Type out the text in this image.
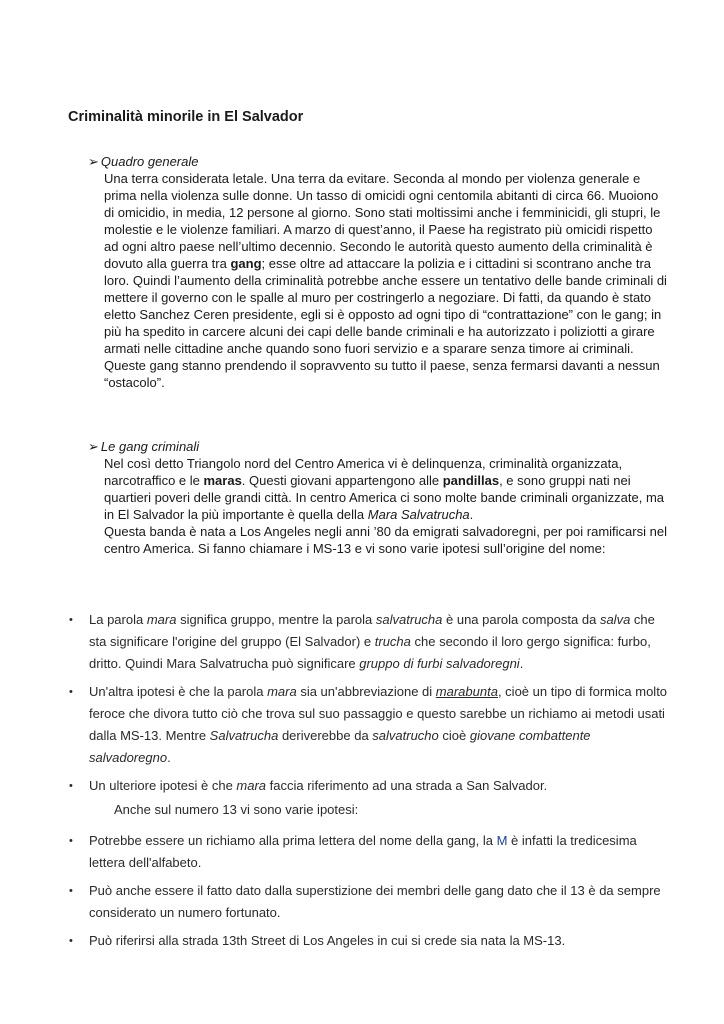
Criminalità minorile in El Salvador
➢ Quadro generale

Una terra considerata letale. Una terra da evitare. Seconda al mondo per violenza generale e prima nella violenza sulle donne. Un tasso di omicidi ogni centomila abitanti di circa 66. Muoiono di omicidio, in media, 12 persone al giorno. Sono stati moltissimi anche i femminicidi, gli stupri, le molestie e le violenze familiari. A marzo di quest’anno, il Paese ha registrato più omicidi rispetto ad ogni altro paese nell’ultimo decennio. Secondo le autorità questo aumento della criminalità è dovuto alla guerra tra gang; esse oltre ad attaccare la polizia e i cittadini si scontrano anche tra loro. Quindi l’aumento della criminalità potrebbe anche essere un tentativo delle bande criminali di mettere il governo con le spalle al muro per costringerlo a negoziare. Di fatti, da quando è stato eletto Sanchez Ceren presidente, egli si è opposto ad ogni tipo di “contrattazione” con le gang; in più ha spedito in carcere alcuni dei capi delle bande criminali e ha autorizzato i poliziotti a girare armati nelle cittadine anche quando sono fuori servizio e a sparare senza timore ai criminali.

Queste gang stanno prendendo il sopravvento su tutto il paese, senza fermarsi davanti a nessun “ostacolo”.

➢ Le gang criminali

Nel così detto Triangolo nord del Centro America vi è delinquenza, criminalità organizzata, narcotraffico e le maras. Questi giovani appartengono alle pandillas, e sono gruppi nati nei quartieri poveri delle grandi città. In centro America ci sono molte bande criminali organizzate, ma in El Salvador la più importante è quella della Mara Salvatrucha.

Questa banda è nata a Los Angeles negli anni ’80 da emigrati salvadoregni, per poi ramificarsi nel centro America. Si fanno chiamare i MS-13 e vi sono varie ipotesi sull’origine del nome:

• La parola mara significa gruppo, mentre la parola salvatrucha è una parola composta da salva che sta significare l'origine del gruppo (El Salvador) e trucha che secondo il loro gergo significa: furbo, dritto. Quindi Mara Salvatrucha può significare gruppo di furbi salvadoregni.
• Un'altra ipotesi è che la parola mara sia un'abbreviazione di marabunta, cioè un tipo di formica molto feroce che divora tutto ciò che trova sul suo passaggio e questo sarebbe un richiamo ai metodi usati dalla MS-13. Mentre Salvatrucha deriverebbe da salvatrucho cioè giovane combattente salvadoregno.
• Un ulteriore ipotesi è che mara faccia riferimento ad una strada a San Salvador.
Anche sul numero 13 vi sono varie ipotesi:
• Potrebbe essere un richiamo alla prima lettera del nome della gang, la M è infatti la tredicesima lettera dell'alfabeto.
• Può anche essere il fatto dato dalla superstizione dei membri delle gang dato che il 13 è da sempre considerato un numero fortunato.
• Può riferirsi alla strada 13th Street di Los Angeles in cui si crede sia nata la MS-13.
